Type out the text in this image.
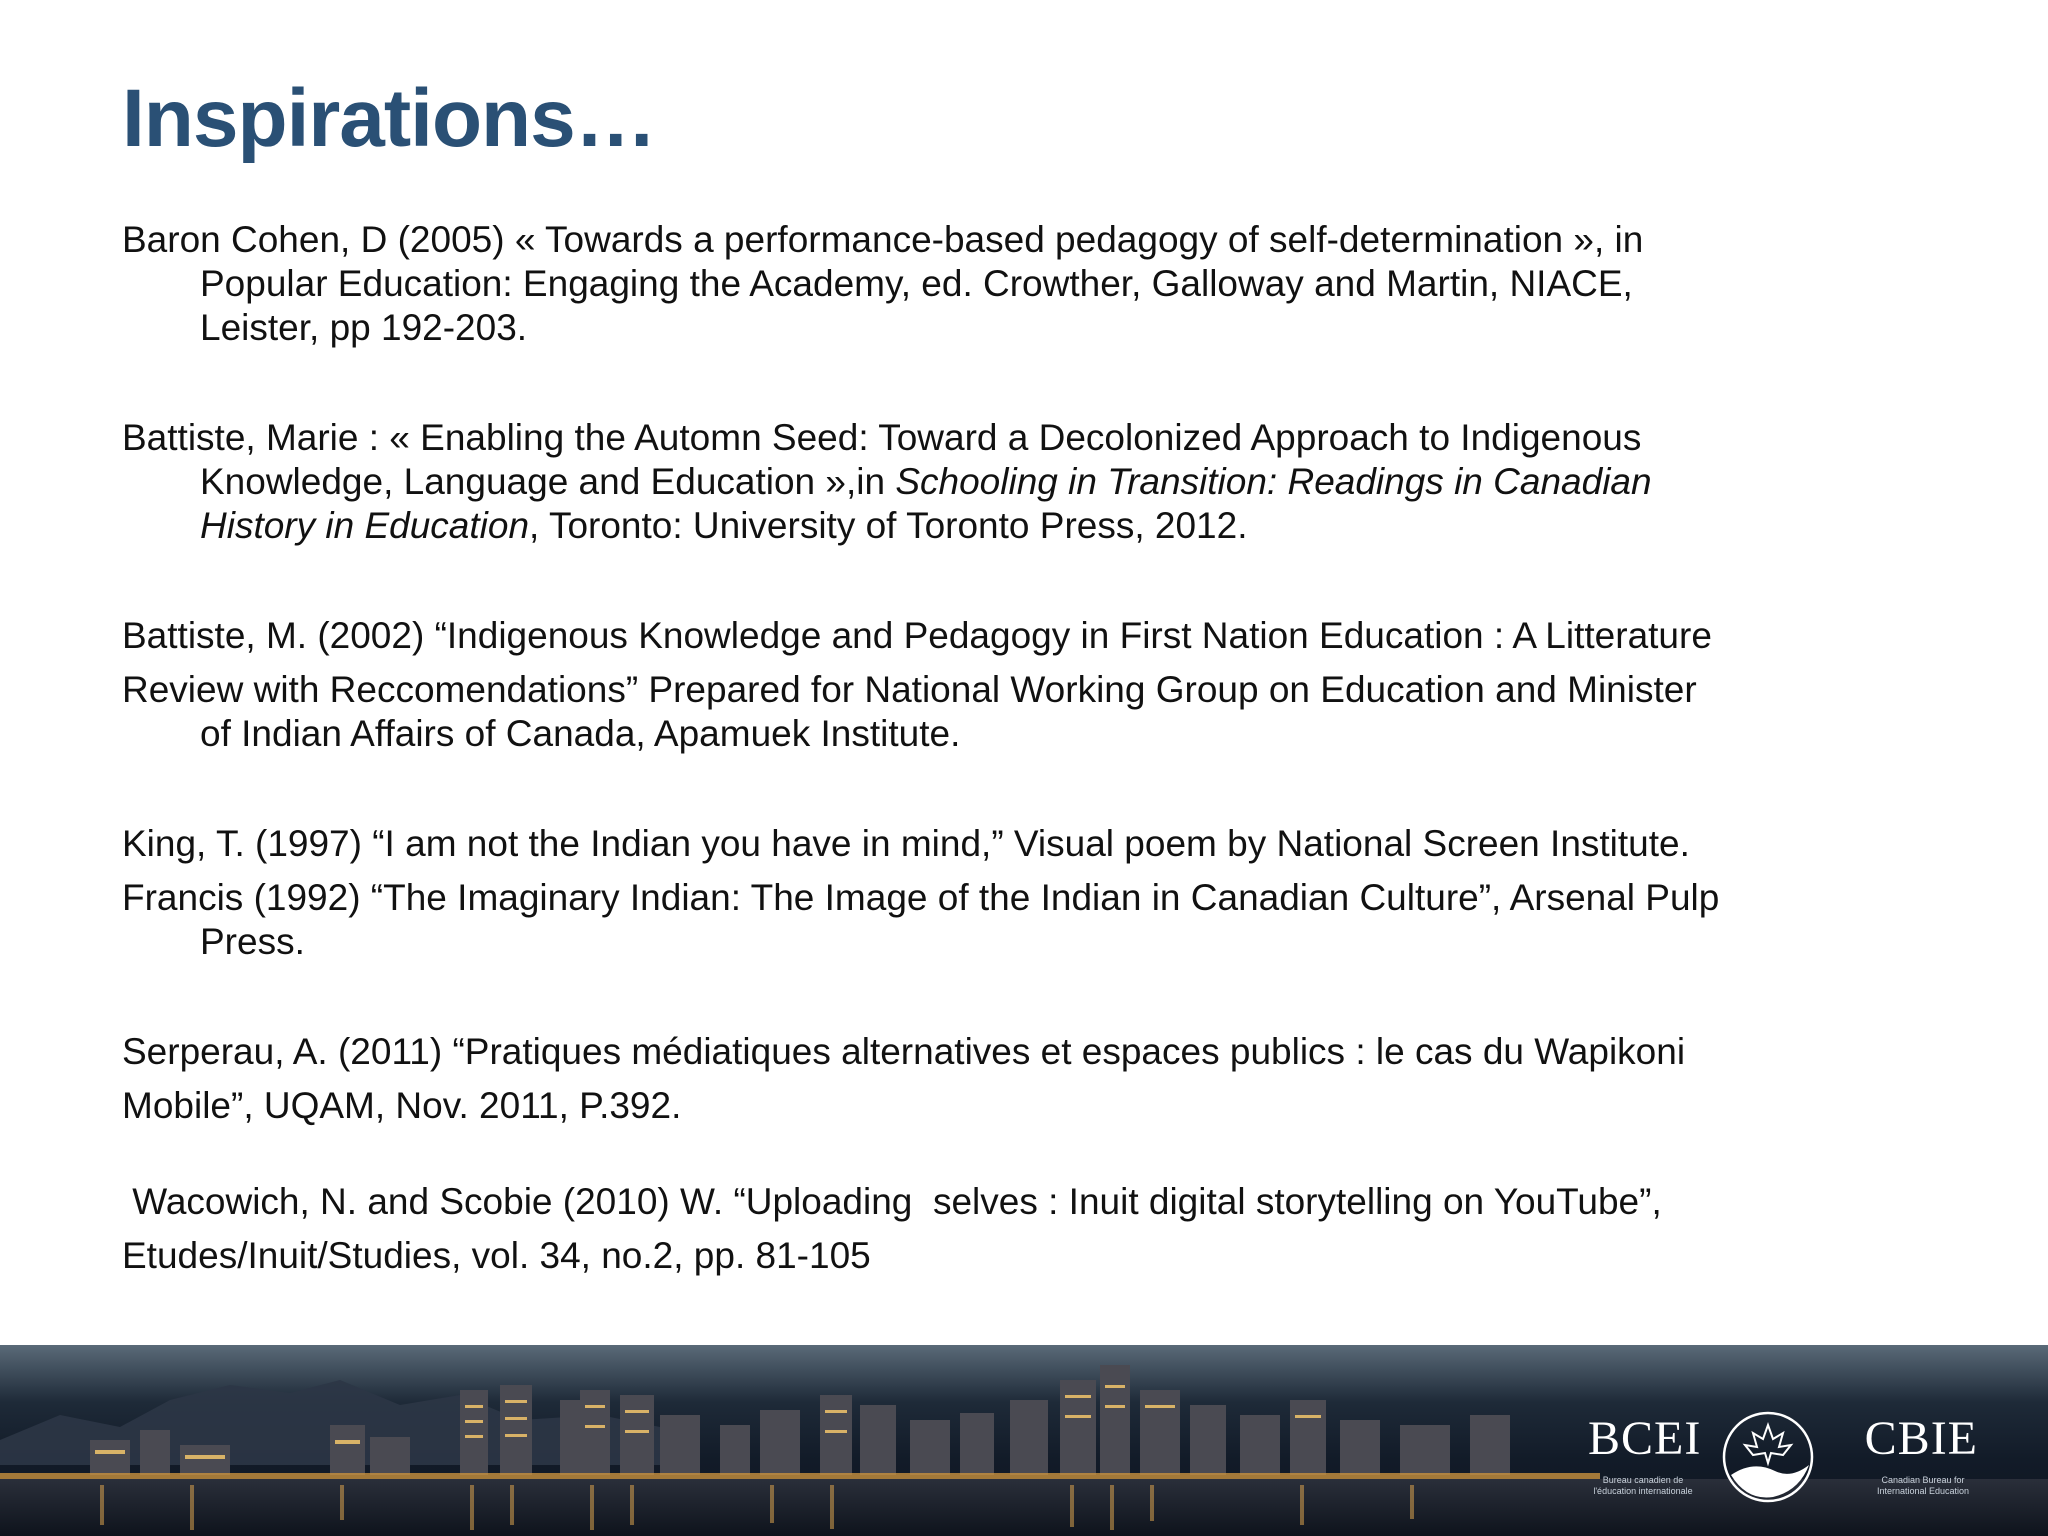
Inspirations…
Baron Cohen, D (2005) « Towards a performance-based pedagogy of self-determination », in
Popular Education: Engaging the Academy, ed. Crowther, Galloway and Martin, NIACE,
Leister, pp 192-203.
Battiste, Marie : « Enabling the Automn Seed: Toward a Decolonized Approach to Indigenous
Knowledge, Language and Education »,in Schooling in Transition: Readings in Canadian
History in Education, Toronto: University of Toronto Press, 2012.
Battiste, M. (2002) “Indigenous Knowledge and Pedagogy in First Nation Education : A Litterature
Review with Reccomendations” Prepared for National Working Group on Education and Minister
of Indian Affairs of Canada, Apamuek Institute.
King, T. (1997) “I am not the Indian you have in mind,” Visual poem by National Screen Institute.
Francis (1992) “The Imaginary Indian: The Image of the Indian in Canadian Culture”, Arsenal Pulp
Press.
Serperau, A. (2011) “Pratiques médiatiques alternatives et espaces publics : le cas du Wapikoni
Mobile”, UQAM, Nov. 2011, P.392.
Wacowich, N. and Scobie (2010) W. “Uploading  selves : Inuit digital storytelling on YouTube”,
Etudes/Inuit/Studies, vol. 34, no.2, pp. 81-105
BCEI
Bureau canadien de l'éducation internationale
CBIE
Canadian Bureau for International Education
